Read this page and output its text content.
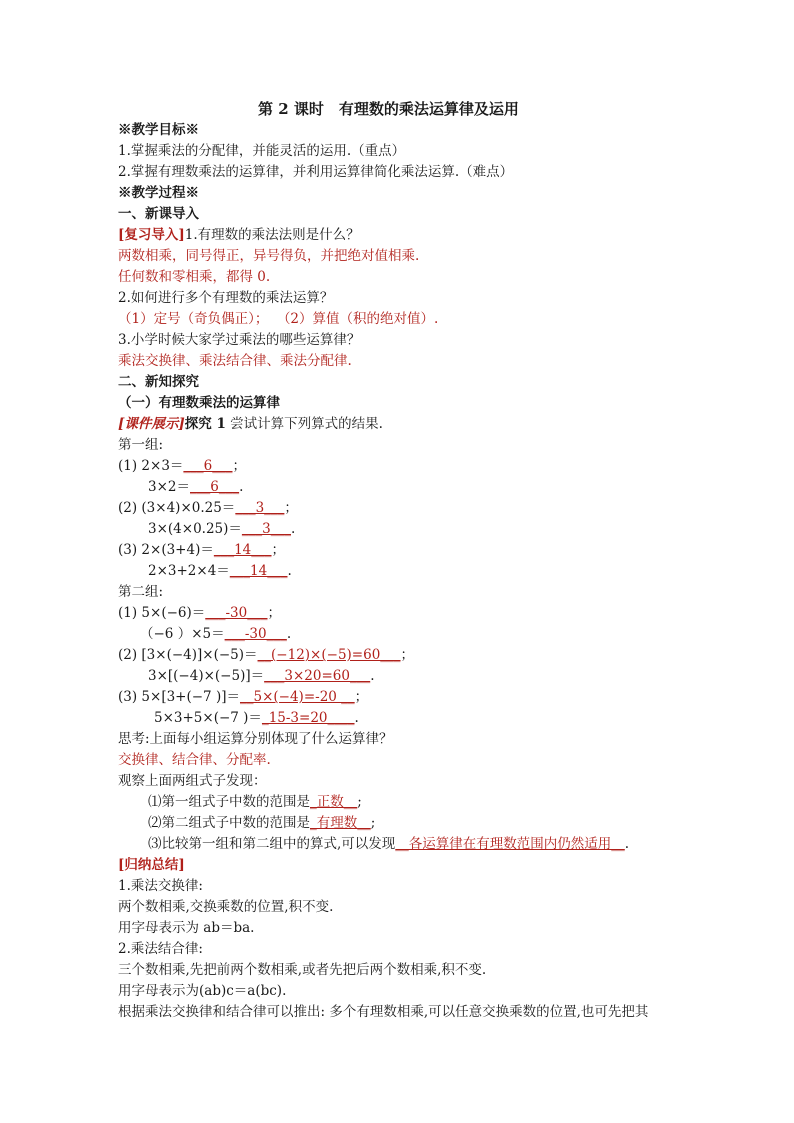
第 2 课时　有理数的乘法运算律及运用
※教学目标※
1.掌握乘法的分配律，并能灵活的运用.（重点）
2.掌握有理数乘法的运算律，并利用运算律简化乘法运算.（难点）
※教学过程※
一、新课导入
[复习导入]1.有理数的乘法法则是什么？
两数相乘，同号得正，异号得负，并把绝对值相乘.
任何数和零相乘，都得 0.
2.如何进行多个有理数的乘法运算？
（1）定号（奇负偶正）； （2）算值（积的绝对值）.
3.小学时候大家学过乘法的哪些运算律？
乘法交换律、乘法结合律、乘法分配律.
二、新知探究
（一）有理数乘法的运算律
[课件展示]探究 1 尝试计算下列算式的结果.
第一组:
(1) 2×3＝___6___；
3×2＝___6___.
(2) (3×4)×0.25＝___3___；
3×(4×0.25)＝___3___.
(3) 2×(3+4)＝___14___；
2×3+2×4＝___14___.
第二组:
(1) 5×(−6)＝___-30___；
（−6 ）×5＝___-30___.
(2) [3×(−4)]×(−5)＝__(−12)×(−5)=60___；
3×[(−4)×(−5)]＝___3×20=60___.
(3) 5×[3+(−7 )]＝__5×(−4)=-20 __；
5×3+5×(−7 )＝_15-3=20____.
思考:上面每小组运算分别体现了什么运算律？
交换律、结合律、分配率.
观察上面两组式子发现：
⑴第一组式子中数的范围是_正数__;
⑵第二组式子中数的范围是_有理数__;
⑶比较第一组和第二组中的算式,可以发现__各运算律在有理数范围内仍然适用__.
[归纳总结]
1.乘法交换律:
两个数相乘,交换乘数的位置,积不变.
用字母表示为 ab＝ba.
2.乘法结合律:
三个数相乘,先把前两个数相乘,或者先把后两个数相乘,积不变.
用字母表示为(ab)c＝a(bc).
根据乘法交换律和结合律可以推出: 多个有理数相乘,可以任意交换乘数的位置,也可先把其
